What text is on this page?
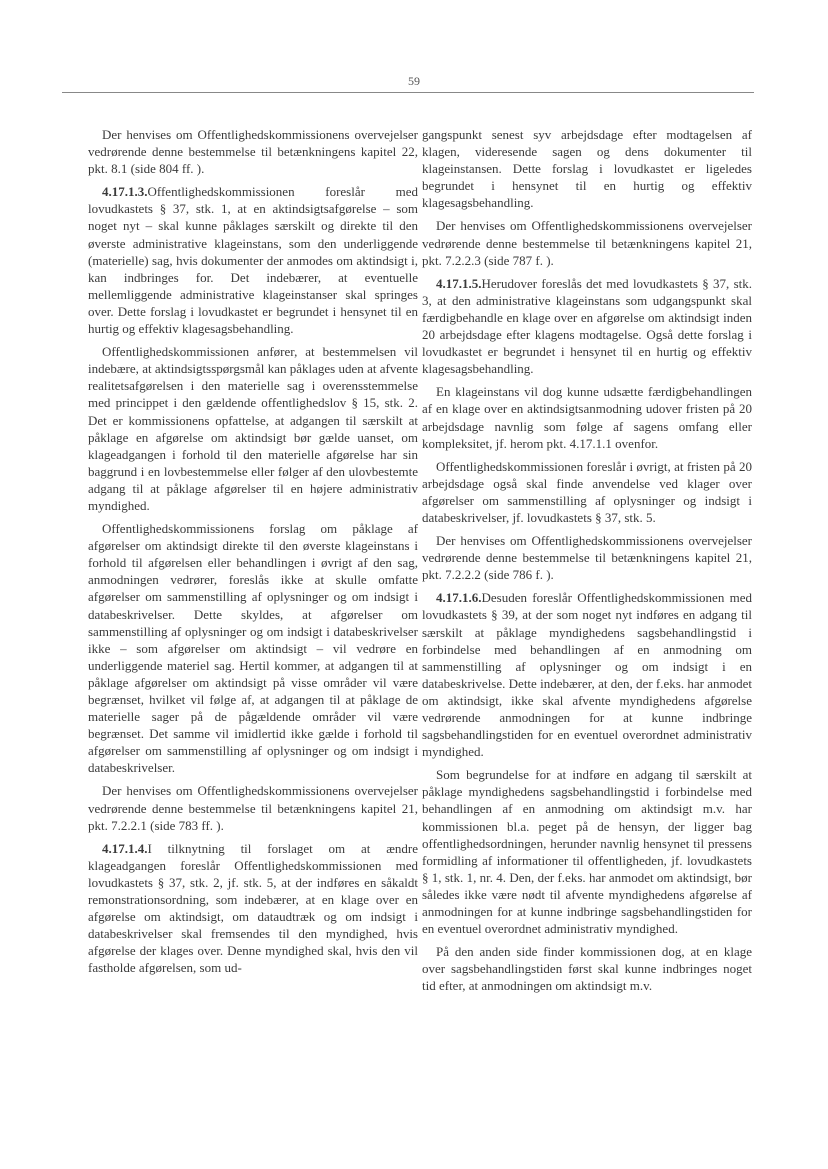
59

Der henvises om Offentlighedskommissionens overvejelser vedrørende denne bestemmelse til betænkningens kapitel 22, pkt. 8.1 (side 804 ff. ).

4.17.1.3.Offentlighedskommissionen foreslår med lovudkastets § 37, stk. 1, at en aktindsigtsafgørelse – som noget nyt – skal kunne påklages særskilt og direkte til den øverste administrative klageinstans, som den underliggende (materielle) sag, hvis dokumenter der anmodes om aktindsigt i, kan indbringes for. Det indebærer, at eventuelle mellemliggende administrative klageinstanser skal springes over. Dette forslag i lovudkastet er begrundet i hensynet til en hurtig og effektiv klagesagsbehandling.

Offentlighedskommissionen anfører, at bestemmelsen vil indebære, at aktindsigtsspørgsmål kan påklages uden at afvente realitetsafgørelsen i den materielle sag i overensstemmelse med princippet i den gældende offentlighedslov § 15, stk. 2. Det er kommissionens opfattelse, at adgangen til særskilt at påklage en afgørelse om aktindsigt bør gælde uanset, om klageadgangen i forhold til den materielle afgørelse har sin baggrund i en lovbestemmelse eller følger af den ulovbestemte adgang til at påklage afgørelser til en højere administrativ myndighed.

Offentlighedskommissionens forslag om påklage af afgørelser om aktindsigt direkte til den øverste klageinstans i forhold til afgørelsen eller behandlingen i øvrigt af den sag, anmodningen vedrører, foreslås ikke at skulle omfatte afgørelser om sammenstilling af oplysninger og om indsigt i databeskrivelser. Dette skyldes, at afgørelser om sammenstilling af oplysninger og om indsigt i databeskrivelser ikke – som afgørelser om aktindsigt – vil vedrøre en underliggende materiel sag. Hertil kommer, at adgangen til at påklage afgørelser om aktindsigt på visse områder vil være begrænset, hvilket vil følge af, at adgangen til at påklage de materielle sager på de pågældende områder vil være begrænset. Det samme vil imidlertid ikke gælde i forhold til afgørelser om sammenstilling af oplysninger og om indsigt i databeskrivelser.

Der henvises om Offentlighedskommissionens overvejelser vedrørende denne bestemmelse til betænkningens kapitel 21, pkt. 7.2.2.1 (side 783 ff. ).

4.17.1.4.I tilknytning til forslaget om at ændre klageadgangen foreslår Offentlighedskommissionen med lovudkastets § 37, stk. 2, jf. stk. 5, at der indføres en såkaldt remonstrationsordning, som indebærer, at en klage over en afgørelse om aktindsigt, om dataudtræk og om indsigt i databeskrivelser skal fremsendes til den myndighed, hvis afgørelse der klages over. Denne myndighed skal, hvis den vil fastholde afgørelsen, som ud-

gangspunkt senest syv arbejdsdage efter modtagelsen af klagen, videresende sagen og dens dokumenter til klageinstansen. Dette forslag i lovudkastet er ligeledes begrundet i hensynet til en hurtig og effektiv klagesagsbehandling.

Der henvises om Offentlighedskommissionens overvejelser vedrørende denne bestemmelse til betænkningens kapitel 21, pkt. 7.2.2.3 (side 787 f. ).

4.17.1.5.Herudover foreslås det med lovudkastets § 37, stk. 3, at den administrative klageinstans som udgangspunkt skal færdigbehandle en klage over en afgørelse om aktindsigt inden 20 arbejdsdage efter klagens modtagelse. Også dette forslag i lovudkastet er begrundet i hensynet til en hurtig og effektiv klagesagsbehandling.

En klageinstans vil dog kunne udsætte færdigbehandlingen af en klage over en aktindsigtsanmodning udover fristen på 20 arbejdsdage navnlig som følge af sagens omfang eller kompleksitet, jf. herom pkt. 4.17.1.1 ovenfor.

Offentlighedskommissionen foreslår i øvrigt, at fristen på 20 arbejdsdage også skal finde anvendelse ved klager over afgørelser om sammenstilling af oplysninger og indsigt i databeskrivelser, jf. lovudkastets § 37, stk. 5.

Der henvises om Offentlighedskommissionens overvejelser vedrørende denne bestemmelse til betænkningens kapitel 21, pkt. 7.2.2.2 (side 786 f. ).

4.17.1.6.Desuden foreslår Offentlighedskommissionen med lovudkastets § 39, at der som noget nyt indføres en adgang til særskilt at påklage myndighedens sagsbehandlingstid i forbindelse med behandlingen af en anmodning om sammenstilling af oplysninger og om indsigt i en databeskrivelse. Dette indebærer, at den, der f.eks. har anmodet om aktindsigt, ikke skal afvente myndighedens afgørelse vedrørende anmodningen for at kunne indbringe sagsbehandlingstiden for en eventuel overordnet administrativ myndighed.

Som begrundelse for at indføre en adgang til særskilt at påklage myndighedens sagsbehandlingstid i forbindelse med behandlingen af en anmodning om aktindsigt m.v. har kommissionen bl.a. peget på de hensyn, der ligger bag offentlighedsordningen, herunder navnlig hensynet til pressens formidling af informationer til offentligheden, jf. lovudkastets § 1, stk. 1, nr. 4. Den, der f.eks. har anmodet om aktindsigt, bør således ikke være nødt til afvente myndighedens afgørelse af anmodningen for at kunne indbringe sagsbehandlingstiden for en eventuel overordnet administrativ myndighed.

På den anden side finder kommissionen dog, at en klage over sagsbehandlingstiden først skal kunne indbringes noget tid efter, at anmodningen om aktindsigt m.v.
